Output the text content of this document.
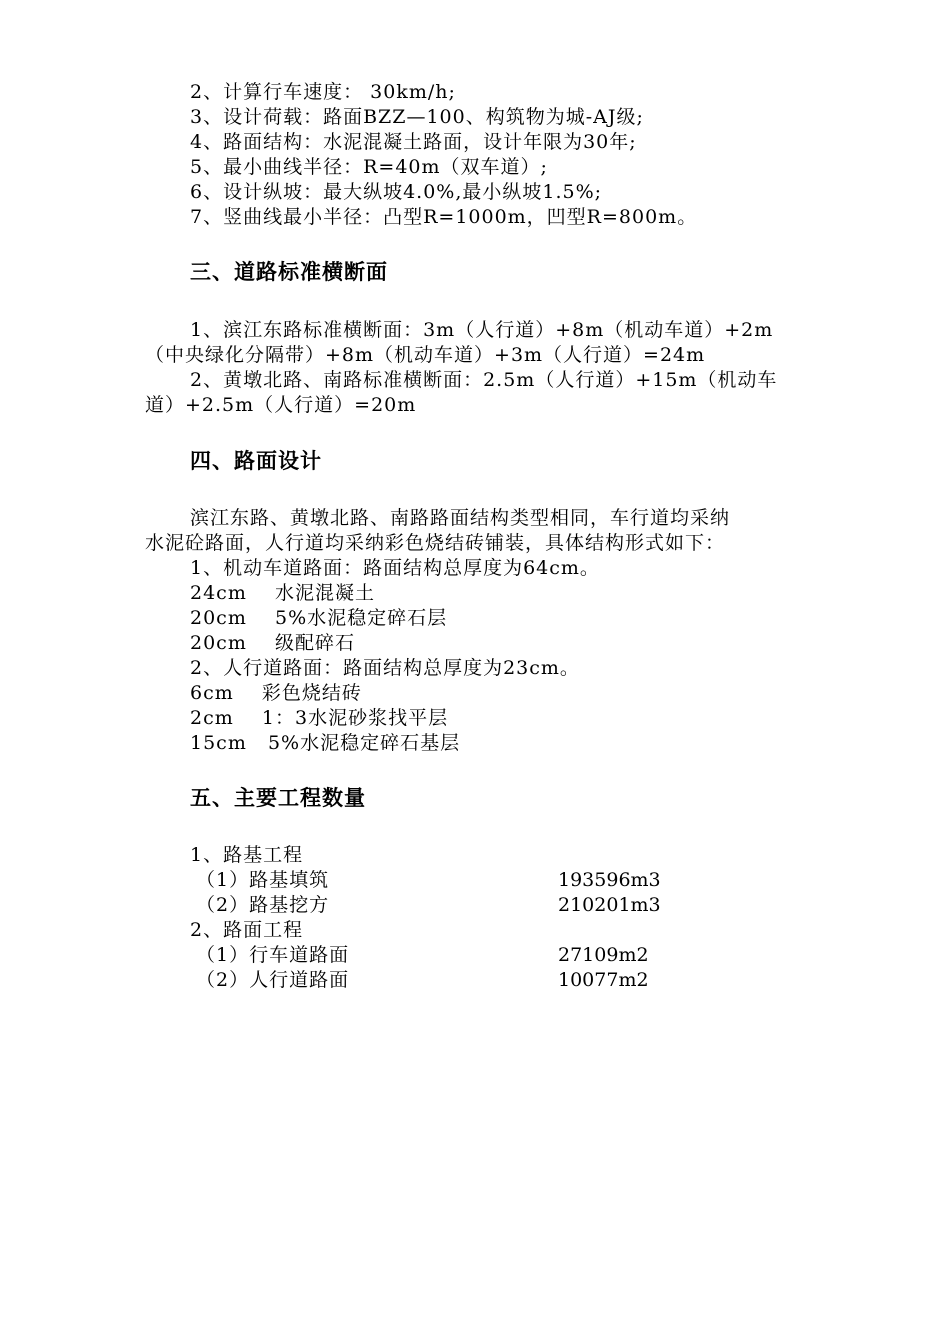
2、计算行车速度： 30km/h;
3、设计荷载：路面BZZ—100、构筑物为城-AJ级;
4、路面结构：水泥混凝土路面，设计年限为30年;
5、最小曲线半径：R=40m（双车道）;
6、设计纵坡：最大纵坡4.0%,最小纵坡1.5%;
7、竖曲线最小半径：凸型R=1000m，凹型R=800m。
三、道路标准横断面
1、滨江东路标准横断面：3m（人行道）+8m（机动车道）+2m
（中央绿化分隔带）+8m（机动车道）+3m（人行道）=24m
2、黄墩北路、南路标准横断面：2.5m（人行道）+15m（机动车
道）+2.5m（人行道）=20m
四、路面设计
滨江东路、黄墩北路、南路路面结构类型相同，车行道均采纳
水泥砼路面，人行道均采纳彩色烧结砖铺装，具体结构形式如下：
1、机动车道路面：路面结构总厚度为64cm。
24cm    水泥混凝土
20cm    5%水泥稳定碎石层
20cm    级配碎石
2、人行道路面：路面结构总厚度为23cm。
6cm    彩色烧结砖
2cm    1：3水泥砂浆找平层
15cm   5%水泥稳定碎石基层
五、主要工程数量
1、路基工程
（1）路基填筑	193596m3
（2）路基挖方	210201m3
2、路面工程
（1）行车道路面	27109m2
（2）人行道路面	10077m2
